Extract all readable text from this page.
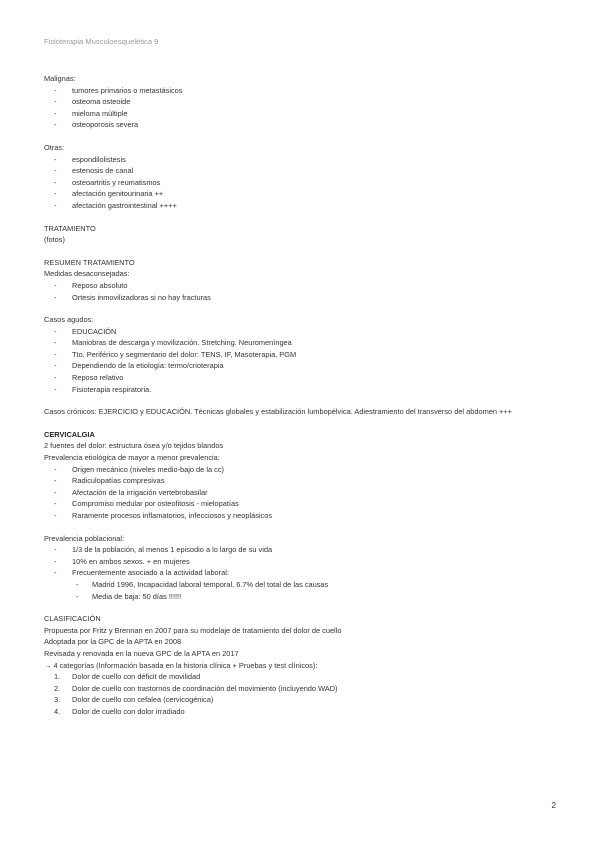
Fisioterapia Musculoesquelética 9
Malignas:
- tumores primarios o metastásicos
- osteoma osteoide
- mieloma múltiple
- osteoporosis severa
Otras:
- espondilolistesis
- estenosis de canal
- osteoartritis y reumatismos
- afectación genitourinaria ++
- afectación gastrointestinal ++++
TRATAMIENTO
(fotos)
RESUMEN TRATAMIENTO
Medidas desaconsejadas:
- Reposo absoluto
- Ortesis inmovilizadoras si no hay fracturas
Casos agudos:
- EDUCACIÓN
- Maniobras de descarga y movilización. Stretching. Neuromeníngea
- Tto. Periférico y segmentario del dolor: TENS, IF, Masoterapia, PGM
- Dependiendo de la etiología: termo/crioterapia
- Reposo relativo
- Fisioterapia respiratoria.
Casos crónicos: EJERCICIO y EDUCACIÓN. Técnicas globales y estabilización lumbopélvica. Adiestramiento del transverso del abdomen +++
CERVICALGIA
2 fuentes del dolor: estructura ósea y/o tejidos blandos
Prevalencia etiológica de mayor a menor prevalencia:
- Origen mecánico (niveles medio-bajo de la cc)
- Radiculopatías compresivas
- Afectación de la irrigación vertebrobasilar
- Compromiso medular por osteofitosis - mielopatías
- Raramente procesos inflamatorios, infecciosos y neoplásicos
Prevalencia poblacional:
- 1/3 de la población, al menos 1 episodio a lo largo de su vida
- 10% en ambos sexos. + en mujeres
- Frecuentemente asociado a la actividad laboral:
- Madrid 1996, Incapacidad laboral temporal, 6.7% del total de las causas
- Media de baja: 50 días !!!!!!
CLASIFICACIÓN
Propuesta por Fritz y Brennan en 2007 para su modelaje de tratamiento del dolor de cuello
Adoptada por la GPC de la APTA en 2008
Revisada y renovada en la nueva GPC de la APTA en 2017
→ 4 categorías (Información basada en la historia clínica + Pruebas y test clínicos):
1. Dolor de cuello con déficit de movilidad
2. Dolor de cuello con trastornos de coordinación del movimiento (incluyendo WAD)
3. Dolor de cuello con cefalea (cervicogénica)
4. Dolor de cuello con dolor irradiado
2
